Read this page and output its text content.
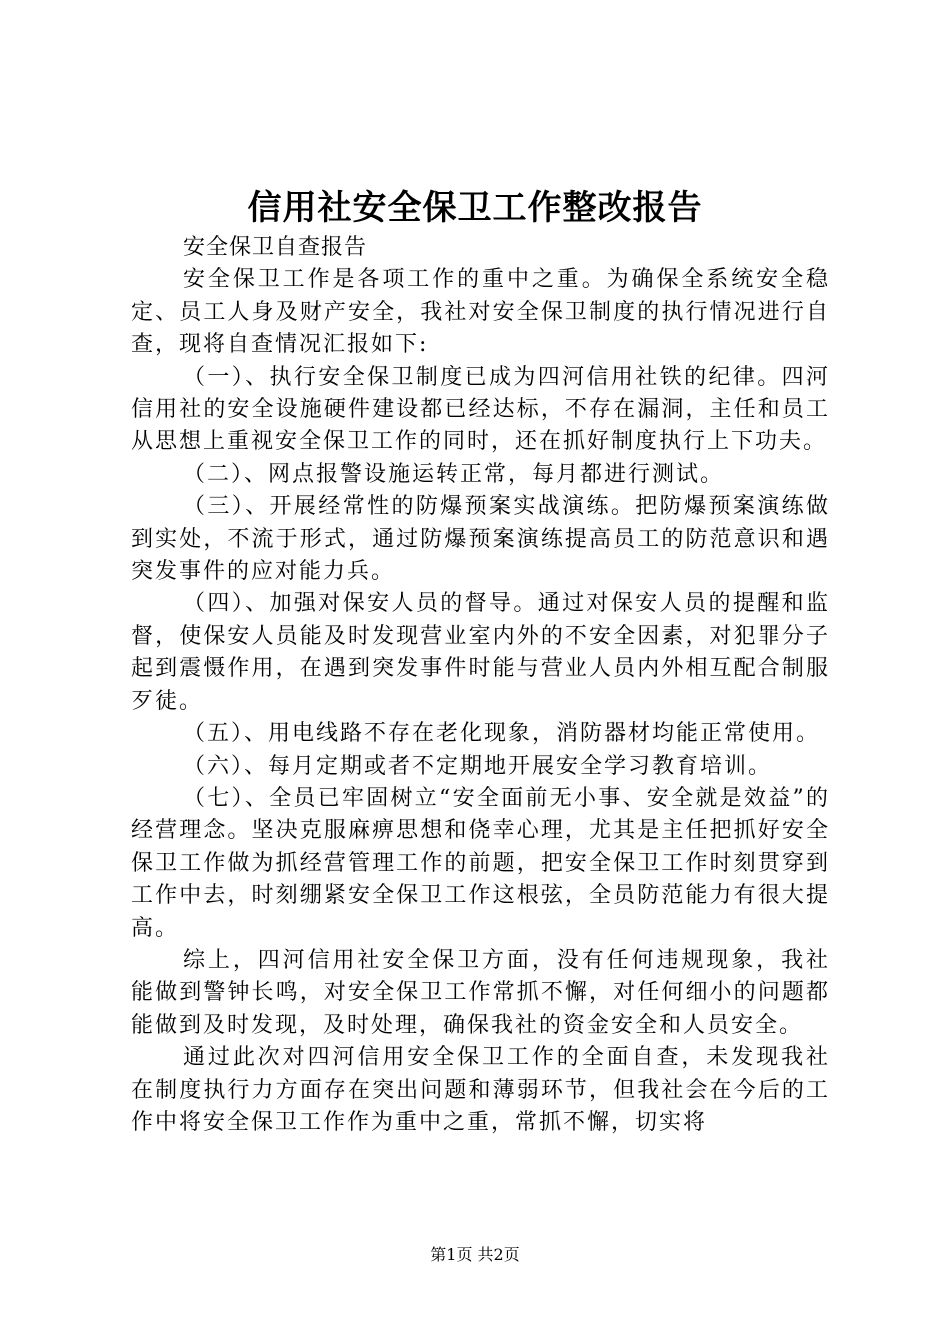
信用社安全保卫工作整改报告

安全保卫自查报告

安全保卫工作是各项工作的重中之重。为确保全系统安全稳定、员工人身及财产安全，我社对安全保卫制度的执行情况进行自查，现将自查情况汇报如下:

（一）、执行安全保卫制度已成为四河信用社铁的纪律。四河信用社的安全设施硬件建设都已经达标，不存在漏洞，主任和员工从思想上重视安全保卫工作的同时，还在抓好制度执行上下功夫。

（二）、网点报警设施运转正常，每月都进行测试。

（三）、开展经常性的防爆预案实战演练。把防爆预案演练做到实处，不流于形式，通过防爆预案演练提高员工的防范意识和遇突发事件的应对能力兵。

（四）、加强对保安人员的督导。通过对保安人员的提醒和监督，使保安人员能及时发现营业室内外的不安全因素，对犯罪分子起到震慑作用，在遇到突发事件时能与营业人员内外相互配合制服歹徒。

（五）、用电线路不存在老化现象，消防器材均能正常使用。

（六）、每月定期或者不定期地开展安全学习教育培训。

（七）、全员已牢固树立“安全面前无小事、安全就是效益”的经营理念。坚决克服麻痹思想和侥幸心理，尤其是主任把抓好安全保卫工作做为抓经营管理工作的前题，把安全保卫工作时刻贯穿到工作中去，时刻绷紧安全保卫工作这根弦，全员防范能力有很大提高。

综上，四河信用社安全保卫方面，没有任何违规现象，我社能做到警钟长鸣，对安全保卫工作常抓不懈，对任何细小的问题都能做到及时发现，及时处理，确保我社的资金安全和人员安全。

通过此次对四河信用安全保卫工作的全面自查，未发现我社在制度执行力方面存在突出问题和薄弱环节，但我社会在今后的工作中将安全保卫工作作为重中之重，常抓不懈，切实将

第1页 共2页
